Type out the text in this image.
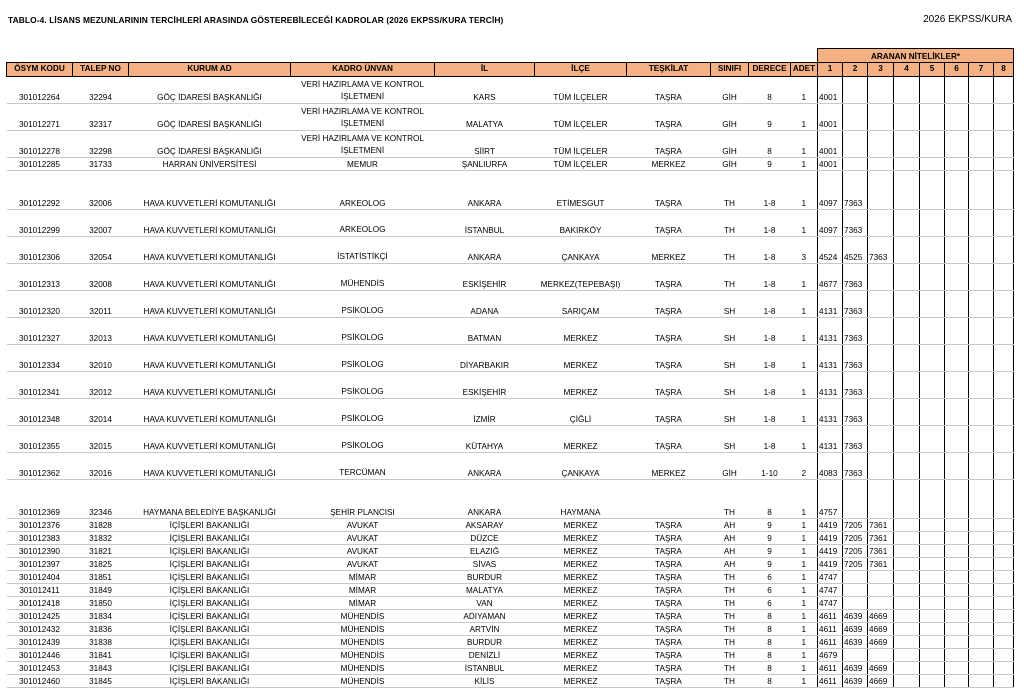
TABLO-4. LİSANS MEZUNLARININ TERCİHLERİ ARASINDA GÖSTEREBİLECEĞİ KADROLAR (2026 EKPSS/KURA TERCİH)	2026 EKPSS/KURA
										ARANAN NİTELİKLER*							
ÖSYM KODU	TALEP NO	KURUM AD	KADRO ÜNVAN	İL	İLÇE	TEŞKİLAT	SINIFI	DERECE	ADET	1	2	3	4	5	6	7	8
301012264	32294	GÖÇ İDARESİ BAŞKANLIĞI	VERİ HAZIRLAMA VE KONTROL İŞLETMENİ	KARS	TÜM İLÇELER	TAŞRA	GİH	8	1	4001							
301012271	32317	GÖÇ İDARESİ BAŞKANLIĞI	VERİ HAZIRLAMA VE KONTROL İŞLETMENİ	MALATYA	TÜM İLÇELER	TAŞRA	GİH	9	1	4001							
301012278	32298	GÖÇ İDARESİ BAŞKANLIĞI	VERİ HAZIRLAMA VE KONTROL İŞLETMENİ	SİİRT	TÜM İLÇELER	TAŞRA	GİH	8	1	4001							
301012285	31733	HARRAN ÜNİVERSİTESİ	MEMUR	ŞANLIURFA	TÜM İLÇELER	MERKEZ	GİH	9	1	4001							
301012292	32006	HAVA KUVVETLERİ KOMUTANLIĞI	ARKEOLOG	ANKARA	ETİMESGUT	TAŞRA	TH	1-8	1	4097	7363						
301012299	32007	HAVA KUVVETLERİ KOMUTANLIĞI	ARKEOLOG	İSTANBUL	BAKIRKÖY	TAŞRA	TH	1-8	1	4097	7363						
301012306	32054	HAVA KUVVETLERİ KOMUTANLIĞI	İSTATİSTİKÇİ	ANKARA	ÇANKAYA	MERKEZ	TH	1-8	3	4524	4525	7363					
301012313	32008	HAVA KUVVETLERİ KOMUTANLIĞI	MÜHENDİS	ESKİŞEHİR	MERKEZ(TEPEBAŞI)	TAŞRA	TH	1-8	1	4677	7363						
301012320	32011	HAVA KUVVETLERİ KOMUTANLIĞI	PSİKOLOG	ADANA	SARIÇAM	TAŞRA	SH	1-8	1	4131	7363						
301012327	32013	HAVA KUVVETLERİ KOMUTANLIĞI	PSİKOLOG	BATMAN	MERKEZ	TAŞRA	SH	1-8	1	4131	7363						
301012334	32010	HAVA KUVVETLERİ KOMUTANLIĞI	PSİKOLOG	DİYARBAKIR	MERKEZ	TAŞRA	SH	1-8	1	4131	7363						
301012341	32012	HAVA KUVVETLERİ KOMUTANLIĞI	PSİKOLOG	ESKİŞEHİR	MERKEZ	TAŞRA	SH	1-8	1	4131	7363						
301012348	32014	HAVA KUVVETLERİ KOMUTANLIĞI	PSİKOLOG	İZMİR	ÇİĞLİ	TAŞRA	SH	1-8	1	4131	7363						
301012355	32015	HAVA KUVVETLERİ KOMUTANLIĞI	PSİKOLOG	KÜTAHYA	MERKEZ	TAŞRA	SH	1-8	1	4131	7363						
301012362	32016	HAVA KUVVETLERİ KOMUTANLIĞI	TERCÜMAN	ANKARA	ÇANKAYA	MERKEZ	GİH	1-10	2	4083	7363						
301012369	32346	HAYMANA BELEDİYE BAŞKANLIĞI	ŞEHİR PLANCISI	ANKARA	HAYMANA		TH	8	1	4757							
301012376	31828	İÇİŞLERİ BAKANLIĞI	AVUKAT	AKSARAY	MERKEZ	TAŞRA	AH	9	1	4419	7205	7361					
301012383	31832	İÇİŞLERİ BAKANLIĞI	AVUKAT	DÜZCE	MERKEZ	TAŞRA	AH	9	1	4419	7205	7361					
301012390	31821	İÇİŞLERİ BAKANLIĞI	AVUKAT	ELAZIĞ	MERKEZ	TAŞRA	AH	9	1	4419	7205	7361					
301012397	31825	İÇİŞLERİ BAKANLIĞI	AVUKAT	SİVAS	MERKEZ	TAŞRA	AH	9	1	4419	7205	7361					
301012404	31851	İÇİŞLERİ BAKANLIĞI	MİMAR	BURDUR	MERKEZ	TAŞRA	TH	6	1	4747							
301012411	31849	İÇİŞLERİ BAKANLIĞI	MİMAR	MALATYA	MERKEZ	TAŞRA	TH	6	1	4747							
301012418	31850	İÇİŞLERİ BAKANLIĞI	MİMAR	VAN	MERKEZ	TAŞRA	TH	6	1	4747							
301012425	31834	İÇİŞLERİ BAKANLIĞI	MÜHENDİS	ADIYAMAN	MERKEZ	TAŞRA	TH	8	1	4611	4639	4669					
301012432	31836	İÇİŞLERİ BAKANLIĞI	MÜHENDİS	ARTVİN	MERKEZ	TAŞRA	TH	8	1	4611	4639	4669					
301012439	31838	İÇİŞLERİ BAKANLIĞI	MÜHENDİS	BURDUR	MERKEZ	TAŞRA	TH	8	1	4611	4639	4669					
301012446	31841	İÇİŞLERİ BAKANLIĞI	MÜHENDİS	DENİZLİ	MERKEZ	TAŞRA	TH	8	1	4679							
301012453	31843	İÇİŞLERİ BAKANLIĞI	MÜHENDİS	İSTANBUL	MERKEZ	TAŞRA	TH	8	1	4611	4639	4669					
301012460	31845	İÇİŞLERİ BAKANLIĞI	MÜHENDİS	KİLİS	MERKEZ	TAŞRA	TH	8	1	4611	4639	4669					
